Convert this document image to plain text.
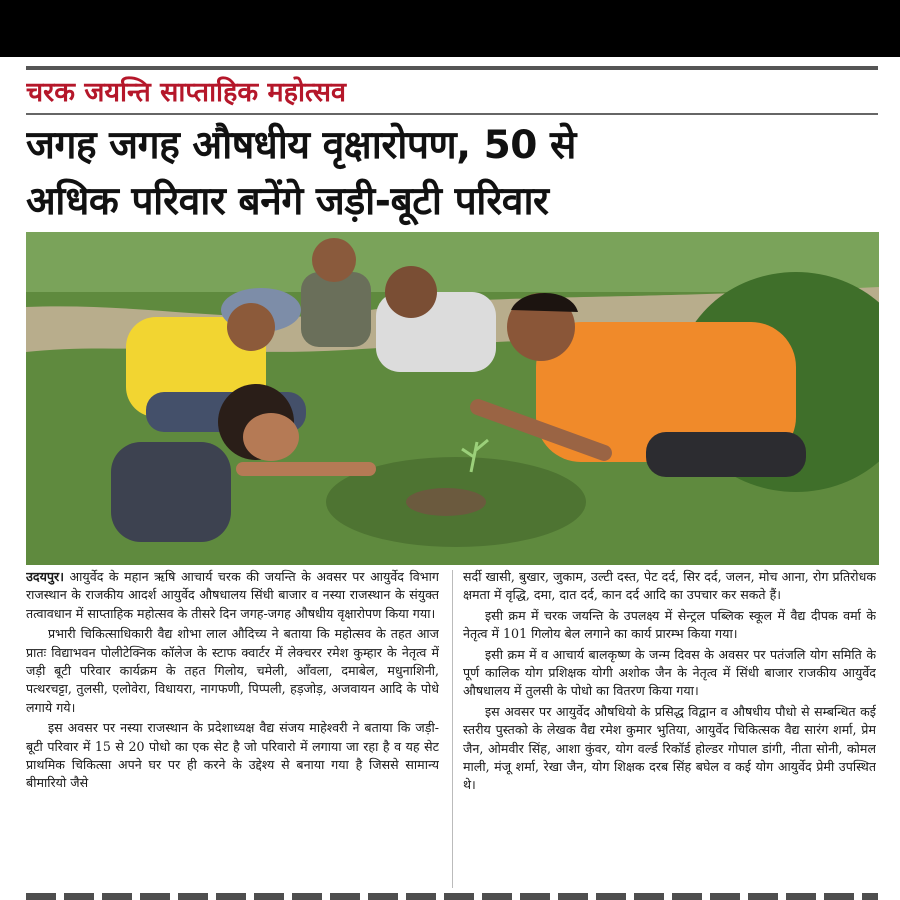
चरक जयन्ति साप्ताहिक महोत्सव
जगह जगह औषधीय वृक्षारोपण, 50 से
अधिक परिवार बनेंगे जड़ी-बूटी परिवार

उदयपुर। आयुर्वेद के महान ऋषि आचार्य चरक की जयन्ति के अवसर पर आयुर्वेद विभाग राजस्थान के राजकीय आदर्श आयुर्वेद औषधालय सिंधी बाजार व नस्या राजस्थान के संयुक्त तत्वावधान में साप्ताहिक महोत्सव के तीसरे दिन जगह-जगह औषधीय वृक्षारोपण किया गया।

प्रभारी चिकित्साधिकारी वैद्य शोभा लाल औदिच्य ने बताया कि महोत्सव के तहत आज प्रातः विद्याभवन पोलीटेक्निक कॉलेज के स्टाफ क्वार्टर में लेक्चरर रमेश कुम्हार के नेतृत्व में जड़ी बूटी परिवार कार्यक्रम के तहत गिलोय, चमेली, आँवला, दमाबेल, मधुनाशिनी, पत्थरचट्टा, तुलसी, एलोवेरा, विधायरा, नागफणी, पिप्पली, हड़जोड़, अजवायन आदि के पोधे लगाये गये।

इस अवसर पर नस्या राजस्थान के प्रदेशाध्यक्ष वैद्य संजय माहेश्वरी ने बताया कि जड़ी-बूटी परिवार में 15 से 20 पोधो का एक सेट है जो परिवारो में लगाया जा रहा है व यह सेट प्राथमिक चिकित्सा अपने घर पर ही करने के उद्देश्य से बनाया गया है जिससे सामान्य बीमारियो जैसे

सर्दी खासी, बुखार, जुकाम, उल्टी दस्त, पेट दर्द, सिर दर्द, जलन, मोच आना, रोग प्रतिरोधक क्षमता में वृद्धि, दमा, दात दर्द, कान दर्द आदि का उपचार कर सकते हैं।

इसी क्रम में चरक जयन्ति के उपलक्ष्य में सेन्ट्रल पब्लिक स्कूल में वैद्य दीपक वर्मा के नेतृत्व में 101 गिलोय बेल लगाने का कार्य प्रारम्भ किया गया।

इसी क्रम में व आचार्य बालकृष्ण के जन्म दिवस के अवसर पर पतंजलि योग समिति के पूर्ण कालिक योग प्रशिक्षक योगी अशोक जैन के नेतृत्व में सिंधी बाजार राजकीय आयुर्वेद औषधालय में तुलसी के पोधो का वितरण किया गया।

इस अवसर पर आयुर्वेद औषधियो के प्रसिद्ध विद्वान व औषधीय पौधो से सम्बन्धित कई स्तरीय पुस्तको के लेखक वैद्य रमेश कुमार भुतिया, आयुर्वेद चिकित्सक वैद्य सारंग शर्मा, प्रेम जैन, ओमवीर सिंह, आशा कुंवर, योग वर्ल्ड रिकॉर्ड होल्डर गोपाल डांगी, नीता सोनी, कोमल माली, मंजू शर्मा, रेखा जैन, योग शिक्षक दरब सिंह बघेल व कई योग आयुर्वेद प्रेमी उपस्थित थे।
